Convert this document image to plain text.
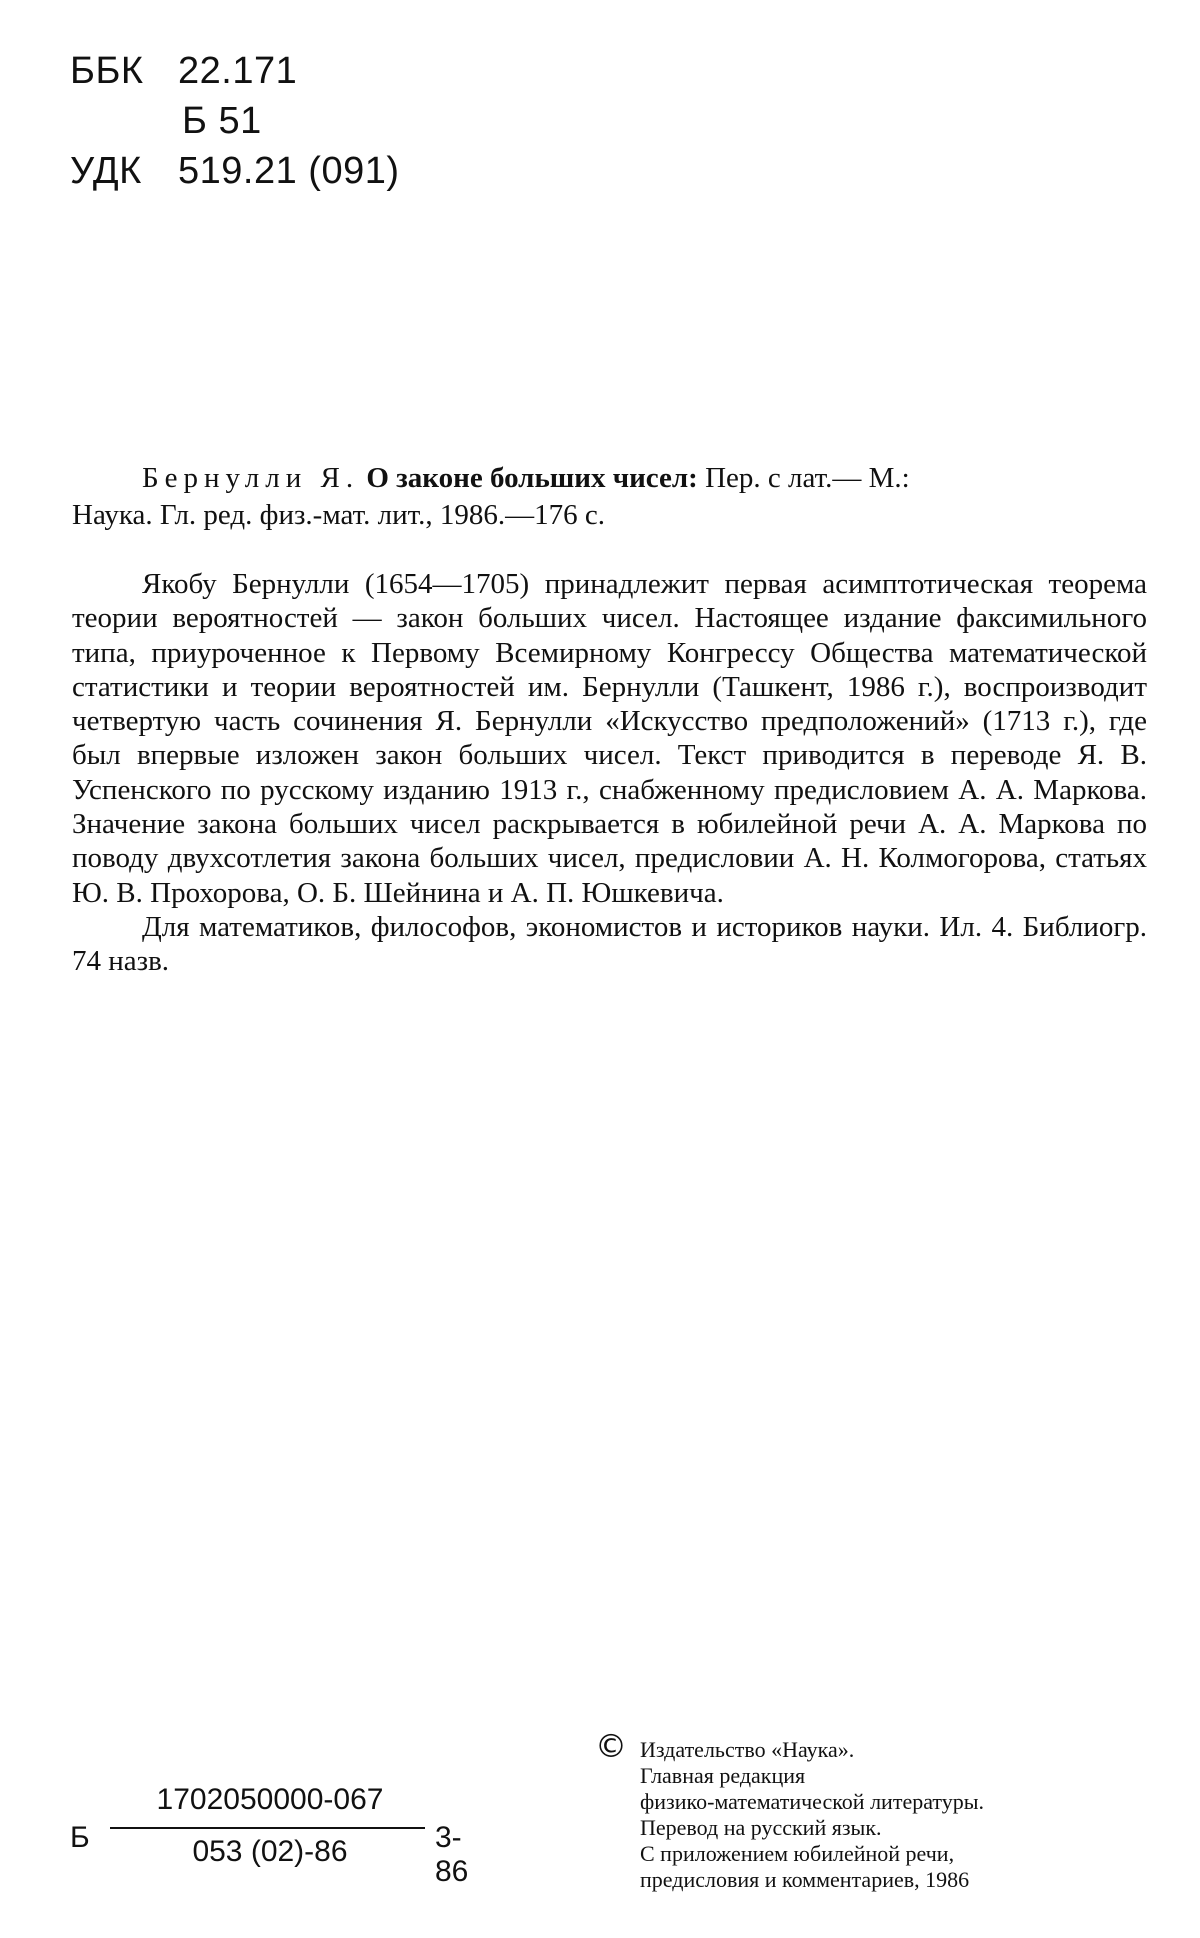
ББК 22.171
Б 51
УДК 519.21 (091)

Бернулли Я. О законе больших чисел: Пер. с лат.— М.:

Наука. Гл. ред. физ.-мат. лит., 1986.—176 с.

Якобу Бернулли (1654—1705) принадлежит первая асимптотическая теорема теории вероятностей — закон больших чисел. Настоящее издание факсимильного типа, приуроченное к Первому Всемирному Конгрессу Общества математической статистики и теории вероятностей им. Бернулли (Ташкент, 1986 г.), воспроизводит четвертую часть сочинения Я. Бернулли «Искусство предположений» (1713 г.), где был впервые изложен закон больших чисел. Текст приводится в переводе Я. В. Успенского по русскому изданию 1913 г., снабженному предисловием А. А. Маркова. Значение закона больших чисел раскрывается в юбилейной речи А. А. Маркова по поводу двухсотлетия закона больших чисел, предисловии А. Н. Колмогорова, статьях Ю. В. Прохорова, О. Б. Шейнина и А. П. Юшкевича.

Для математиков, философов, экономистов и историков науки. Ил. 4. Библиогр. 74 назв.

Б
1702050000-067
053 (02)-86	3-86
© Издательство «Наука».
Главная редакция
физико-математической литературы.
Перевод на русский язык.
С приложением юбилейной речи,
предисловия и комментариев, 1986
